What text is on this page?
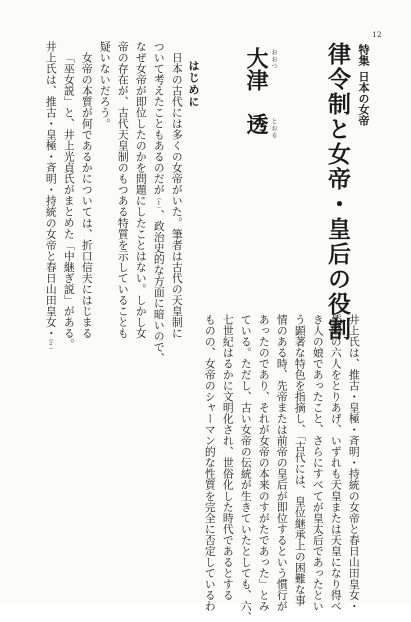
12
特集日本の女帝
律令制と女帝・皇后の役割
おおつ
とおる
大津透
はじめに
日本の古代には多くの女帝がいた。筆者は古代の天皇制に
ついて考えたこともあるのだが（1）、政治史的な方面に暗いので、
なぜ女帝が即位したのかを問題にしたことはない。しかし女
帝の存在が、古代天皇制のもつある特質を示していることも
疑いないだろう。
　女帝の本質が何であるかについては、折口信夫にはじまる
「巫女説」と、井上光貞氏がまとめた「中継ぎ説」がある。
井上氏は、推古・皇極・斉明・持統の女帝と春日山田皇女・（2）	井上氏は、推古・皇極・斉明・持統の女帝と春日山田皇女・
倭姫の六人をとりあげ、いずれも天皇または天皇になり得べ
き人の娘であったこと、さらにすべてが皇太后であったとい
う顕著な特色を指摘し、「古代には、皇位継承上の困難な事
情のある時、先帝または前帝の皇后が即位するという慣行が
あったのであり、それが女帝の本来のすがたであった」とみ
ている。ただし、古い女帝の伝統が生きていたとしても、六、
七世紀はるかに文明化され、世俗化した時代であるとする
ものの、女帝のシャーマン的な性質を完全に否定しているわ
